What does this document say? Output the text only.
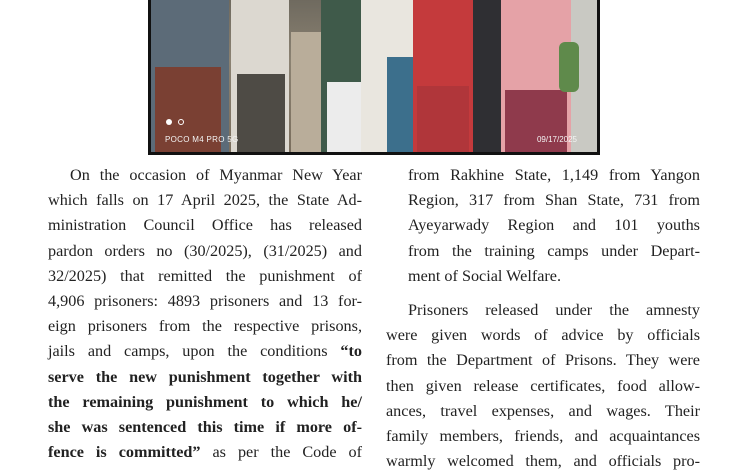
POCO M4 PRO 5G	09/17/2025
On the occasion of Myanmar New Year
which falls on 17 April 2025, the State Ad-
ministration Council Office has released
pardon orders no (30/2025), (31/2025) and
32/2025) that remitted the punishment of
4,906 prisoners: 4893 prisoners and 13 for-
eign prisoners from the respective prisons,
jails and camps, upon the conditions “to
serve the new punishment together with
the remaining punishment to which he/
she was sentenced this time if more of-
fence is committed” as per the Code of
from Rakhine State, 1,149 from Yangon
Region, 317 from Shan State, 731 from
Ayeyarwady Region and 101 youths
from the training camps under Depart-
ment of Social Welfare.
Prisoners released under the amnesty
were given words of advice by officials
from the Department of Prisons. They were
then given release certificates, food allow-
ances, travel expenses, and wages. Their
family members, friends, and acquaintances
warmly welcomed them, and officials pro-
